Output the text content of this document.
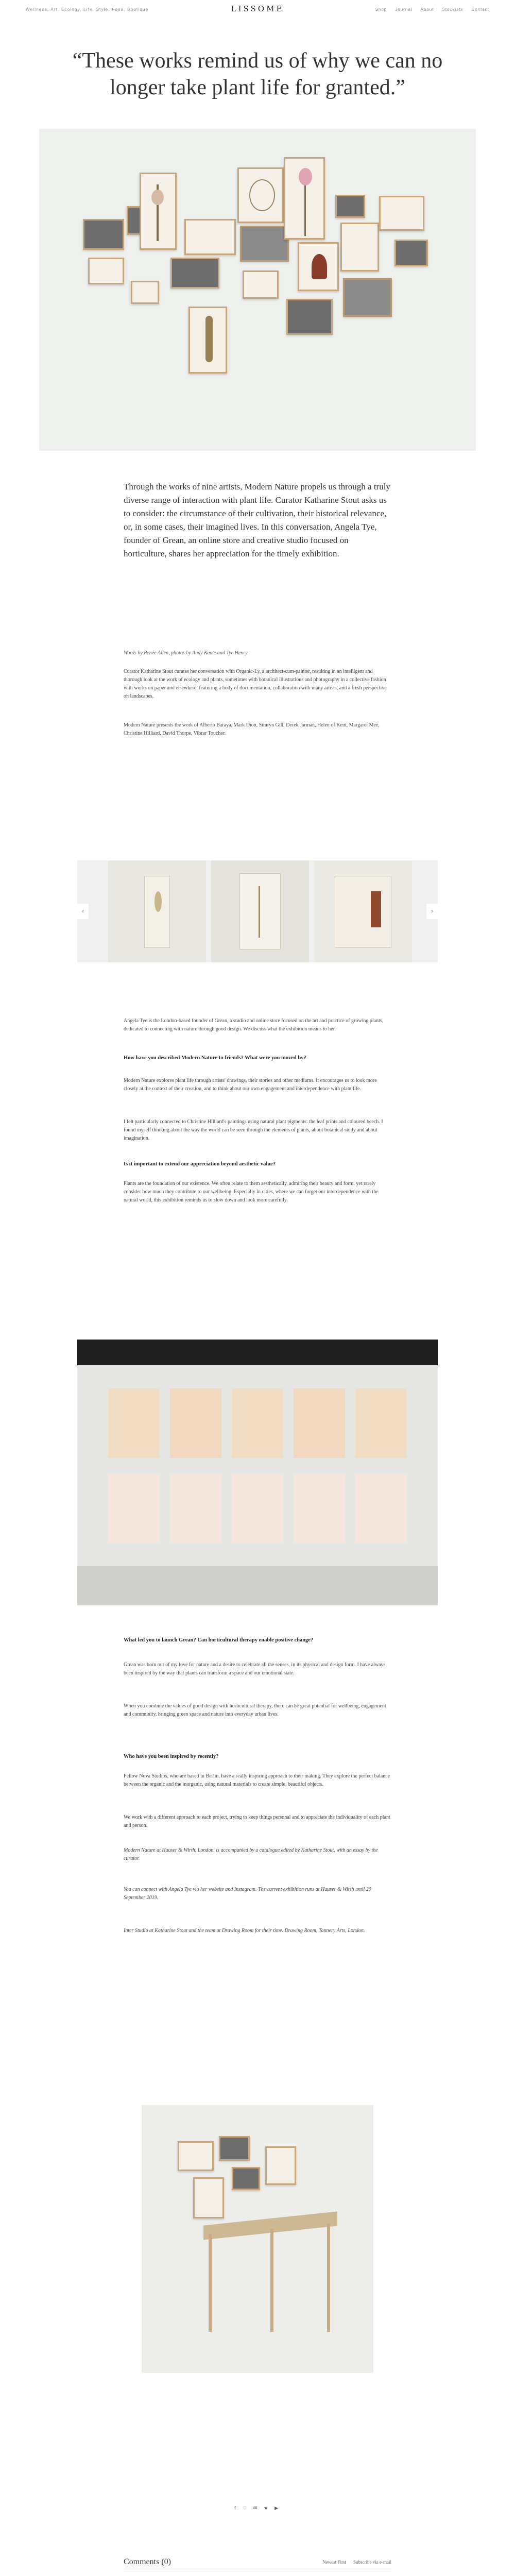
Wellness, Art, Ecology, Life, Style, Food, Boutique	LISSOME	Shop Journal About Stockists Contact
“These works remind us of why we can no longer take plant life for granted.”
Through the works of nine artists, Modern Nature propels us through a truly diverse range of interaction with plant life. Curator Katharine Stout asks us to consider: the circumstance of their cultivation, their historical relevance, or, in some cases, their imagined lives. In this conversation, Angela Tye, founder of Grean, an online store and creative studio focused on horticulture, shares her appreciation for the timely exhibition.
Words by Renée Allen, photos by Andy Keate and Tye Henry
Curator Katharine Stout curates her conversation with Organic-Ly, a architect-cum-painter, resulting in an intelligent and thorough look at the work of ecology and plants, sometimes with botanical illustrations and photography in a collective fashion with works on paper and elsewhere, featuring a body of documentation, collaboration with many artists, and a fresh perspective on landscapes.
Modern Nature presents the work of Alberto Baraya, Mark Dion, Simryn Gill, Derek Jarman, Helen of Kent, Margaret Mee, Christine Hilliard, David Thorpe, Vibrar Toucher.
‹	›
Angela Tye is the London-based founder of Grean, a studio and online store focused on the art and practice of growing plants, dedicated to connecting with nature through good design. We discuss what the exhibition means to her.
How have you described Modern Nature to friends? What were you moved by?
Modern Nature explores plant life through artists' drawings, their stories and other mediums. It encourages us to look more closely at the context of their creation, and to think about our own engagement and interdependence with plant life.
I felt particularly connected to Christine Hilliard's paintings using natural plant pigments: the leaf prints and coloured beech. I found myself thinking about the way the world can be seen through the elements of plants, about botanical study and about imagination.
Is it important to extend our appreciation beyond aesthetic value?
Plants are the foundation of our existence. We often relate to them aesthetically, admiring their beauty and form, yet rarely consider how much they contribute to our wellbeing. Especially in cities, where we can forget our interdependence with the natural world, this exhibition reminds us to slow down and look more carefully.
What led you to launch Grean? Can horticultural therapy enable positive change?
Grean was born out of my love for nature and a desire to celebrate all the senses, in its physical and design form. I have always been inspired by the way that plants can transform a space and our emotional state.
When you combine the values of good design with horticultural therapy, there can be great potential for wellbeing, engagement and community, bringing green space and nature into everyday urban lives.
Who have you been inspired by recently?
Fellow Nova Studios, who are based in Berlin, have a really inspiring approach to their making. They explore the perfect balance between the organic and the inorganic, using natural materials to create simple, beautiful objects.
We work with a different approach to each project, trying to keep things personal and to appreciate the individuality of each plant and person.
Modern Nature at Hauser & Wirth, London, is accompanied by a catalogue edited by Katharine Stout, with an essay by the curator.
You can connect with Angela Tye via her website and Instagram. The current exhibition runs at Hauser & Wirth until 20 September 2019.
Inter Studio at Katharine Stout and the team at Drawing Room for their time. Drawing Room, Tannery Arts, London.
f ♡ ✉ ★ ▶
Comments (0)	Newest First Subscribe via e-mail
